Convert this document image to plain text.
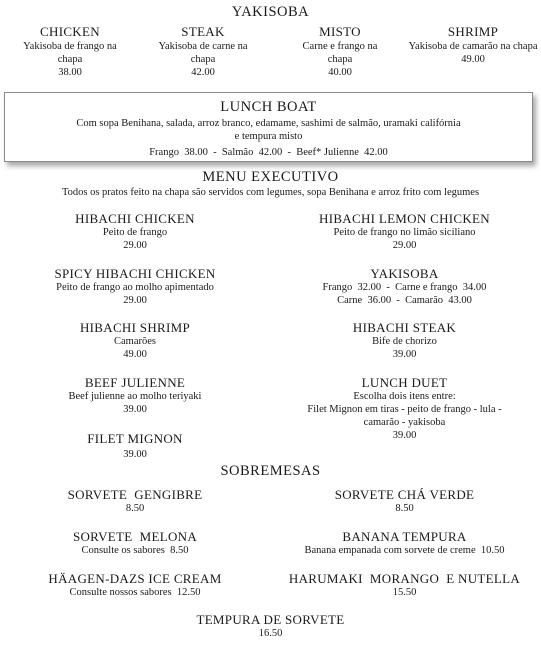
YAKISOBA
CHICKEN
Yakisoba de frango na chapa
38.00
STEAK
Yakisoba de carne na chapa
42.00
MISTO
Carne e frango na chapa
40.00
SHRIMP
Yakisoba de camarão na chapa
49.00
LUNCH BOAT
Com sopa Benihana, salada, arroz branco, edamame, sashimi de salmão, uramaki califórnia e tempura misto
Frango  38.00  -  Salmão  42.00  -  Beef* Julienne  42.00
MENU EXECUTIVO
Todos os pratos feito na chapa são servidos com legumes, sopa Benihana e arroz frito com legumes
HIBACHI CHICKEN
Peito de frango
29.00
SPICY HIBACHI CHICKEN
Peito de frango ao molho apimentado
29.00
HIBACHI SHRIMP
Camarões
49.00
BEEF JULIENNE
Beef julienne ao molho teriyaki
39.00
FILET MIGNON
39.00
HIBACHI LEMON CHICKEN
Peito de frango no limão siciliano
29.00
YAKISOBA
Frango  32.00  -  Carne e frango  34.00
Carne  36.00  -  Camarão  43.00
HIBACHI STEAK
Bife de chorizo
39.00
LUNCH DUET
Escolha dois itens entre:
Filet Mignon em tiras - peito de frango - lula -
camarão - yakisoba
39.00
SOBREMESAS
SORVETE  GENGIBRE
8.50
SORVETE  MELONA
Consulte os sabores  8.50
HÄAGEN-DAZS ICE CREAM
Consulte nossos sabores  12.50
SORVETE CHÁ VERDE
8.50
BANANA TEMPURA
Banana empanada com sorvete de creme  10.50
HARUMAKI  MORANGO  E NUTELLA
15.50
TEMPURA DE SORVETE
16.50
